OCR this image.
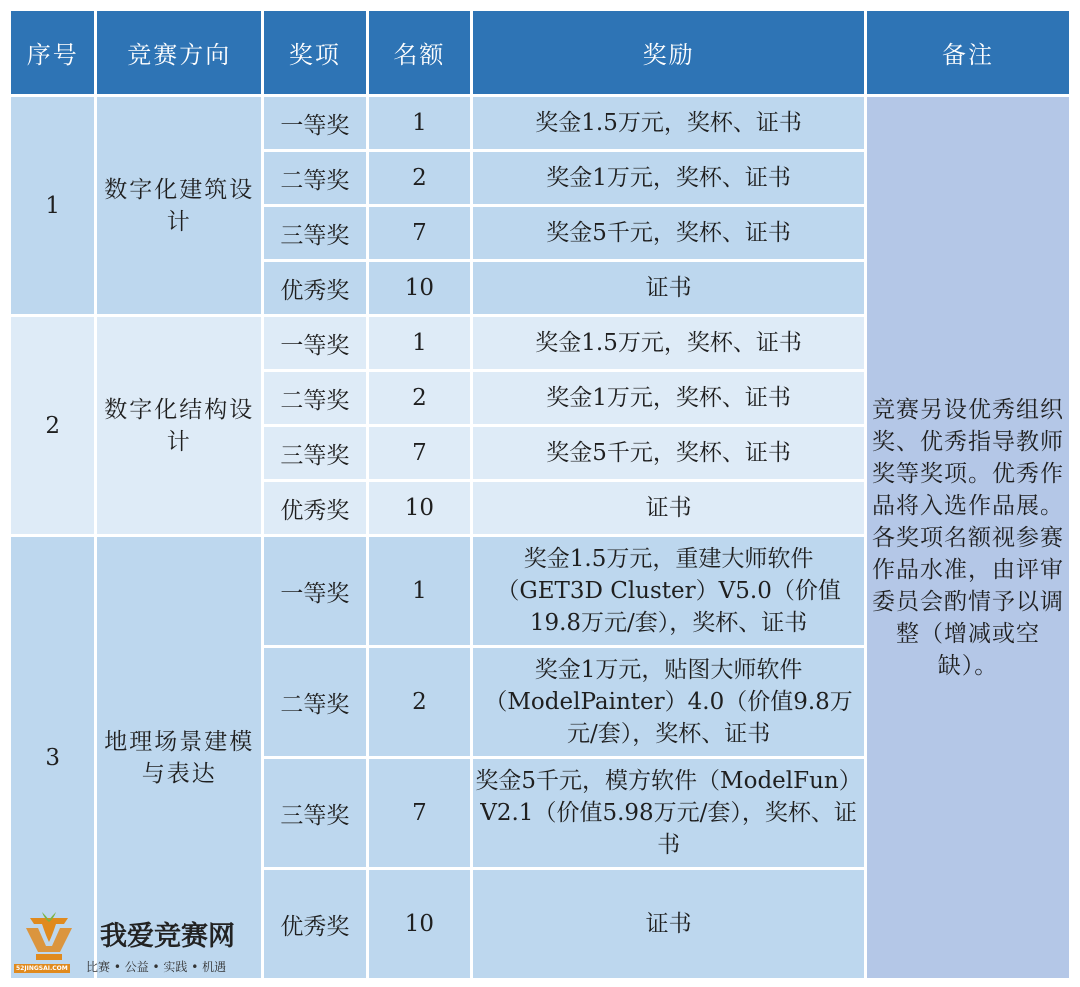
序号	竞赛方向	奖项	名额	奖励	备注
1	数字化建筑设计	一等奖	1	奖金1.5万元，奖杯、证书	竞赛另设优秀组织奖、优秀指导教师奖等奖项。优秀作品将入选作品展。各奖项名额视参赛作品水准，由评审委员会酌情予以调整（增减或空缺）。
		二等奖	2	奖金1万元，奖杯、证书	
		三等奖	7	奖金5千元，奖杯、证书	
		优秀奖	10	证书	
2	数字化结构设计	一等奖	1	奖金1.5万元，奖杯、证书	
		二等奖	2	奖金1万元，奖杯、证书	
		三等奖	7	奖金5千元，奖杯、证书	
		优秀奖	10	证书	
3	地理场景建模与表达	一等奖	1	奖金1.5万元，重建大师软件（GET3D Cluster）V5.0（价值19.8万元/套），奖杯、证书	
		二等奖	2	奖金1万元，贴图大师软件（ModelPainter）4.0（价值9.8万元/套），奖杯、证书	
		三等奖	7	奖金5千元，模方软件（ModelFun）V2.1（价值5.98万元/套），奖杯、证书	
		优秀奖	10	证书	
52JINGSAI.COM
我爱竞赛网
比赛 • 公益 • 实践 • 机遇
